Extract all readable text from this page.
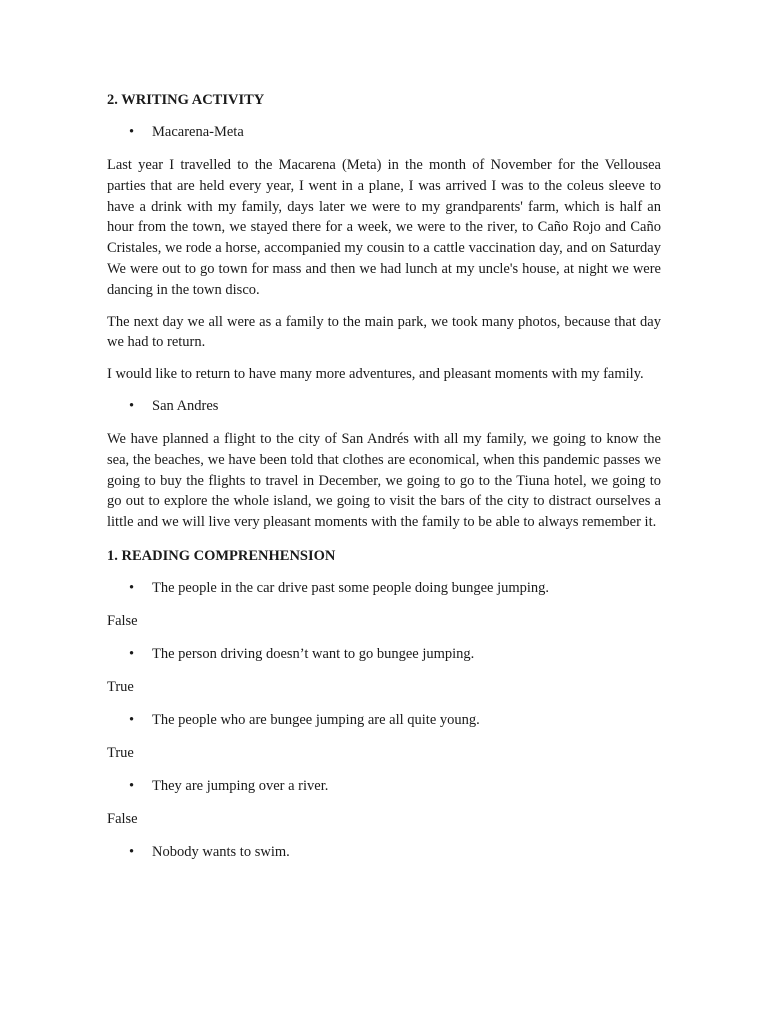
2. WRITING ACTIVITY
• Macarena-Meta

Last year I travelled to the Macarena (Meta) in the month of November for the Vellousea parties that are held every year, I went in a plane, I was arrived I was to the coleus sleeve to have a drink with my family, days later we were to my grandparents' farm, which is half an hour from the town, we stayed there for a week, we were to the river, to Caño Rojo and Caño Cristales, we rode a horse, accompanied my cousin to a cattle vaccination day, and on Saturday We were out to go town for mass and then we had lunch at my uncle's house, at night we were dancing in the town disco.

The next day we all were as a family to the main park, we took many photos, because that day we had to return.

I would like to return to have many more adventures, and pleasant moments with my family.

• San Andres

We have planned a flight to the city of San Andrés with all my family, we going to know the sea, the beaches, we have been told that clothes are economical, when this pandemic passes we going to buy the flights to travel in December, we going to go to the Tiuna hotel, we going to go out to explore the whole island, we going to visit the bars of the city to distract ourselves a little and we will live very pleasant moments with the family to be able to always remember it.

1. READING COMPRENHENSION
• The people in the car drive past some people doing bungee jumping.
False
• The person driving doesn’t want to go bungee jumping.
True
• The people who are bungee jumping are all quite young.
True
• They are jumping over a river.
False
• Nobody wants to swim.
